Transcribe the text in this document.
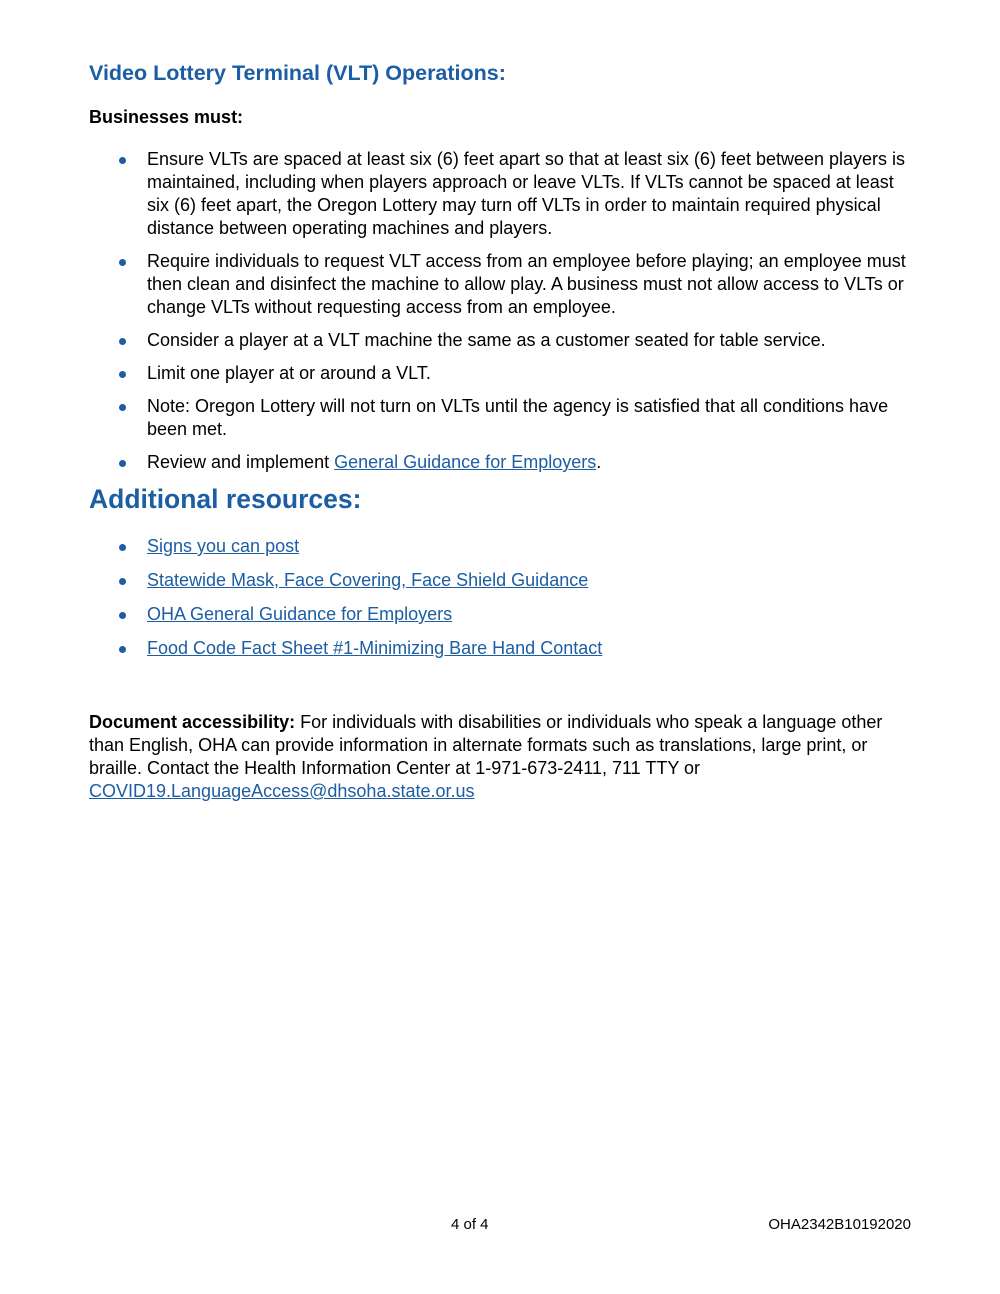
Video Lottery Terminal (VLT) Operations:

Businesses must:

Ensure VLTs are spaced at least six (6) feet apart so that at least six (6) feet between players is maintained, including when players approach or leave VLTs. If VLTs cannot be spaced at least six (6) feet apart, the Oregon Lottery may turn off VLTs in order to maintain required physical distance between operating machines and players.
Require individuals to request VLT access from an employee before playing; an employee must then clean and disinfect the machine to allow play. A business must not allow access to VLTs or change VLTs without requesting access from an employee.
Consider a player at a VLT machine the same as a customer seated for table service.
Limit one player at or around a VLT.
Note: Oregon Lottery will not turn on VLTs until the agency is satisfied that all conditions have been met.
Review and implement General Guidance for Employers.
Additional resources:
Signs you can post
Statewide Mask, Face Covering, Face Shield Guidance
OHA General Guidance for Employers
Food Code Fact Sheet #1-Minimizing Bare Hand Contact

Document accessibility: For individuals with disabilities or individuals who speak a language other than English, OHA can provide information in alternate formats such as translations, large print, or braille. Contact the Health Information Center at 1-971-673-2411, 711 TTY or COVID19.LanguageAccess@dhsoha.state.or.us

4 of 4	OHA2342B10192020
